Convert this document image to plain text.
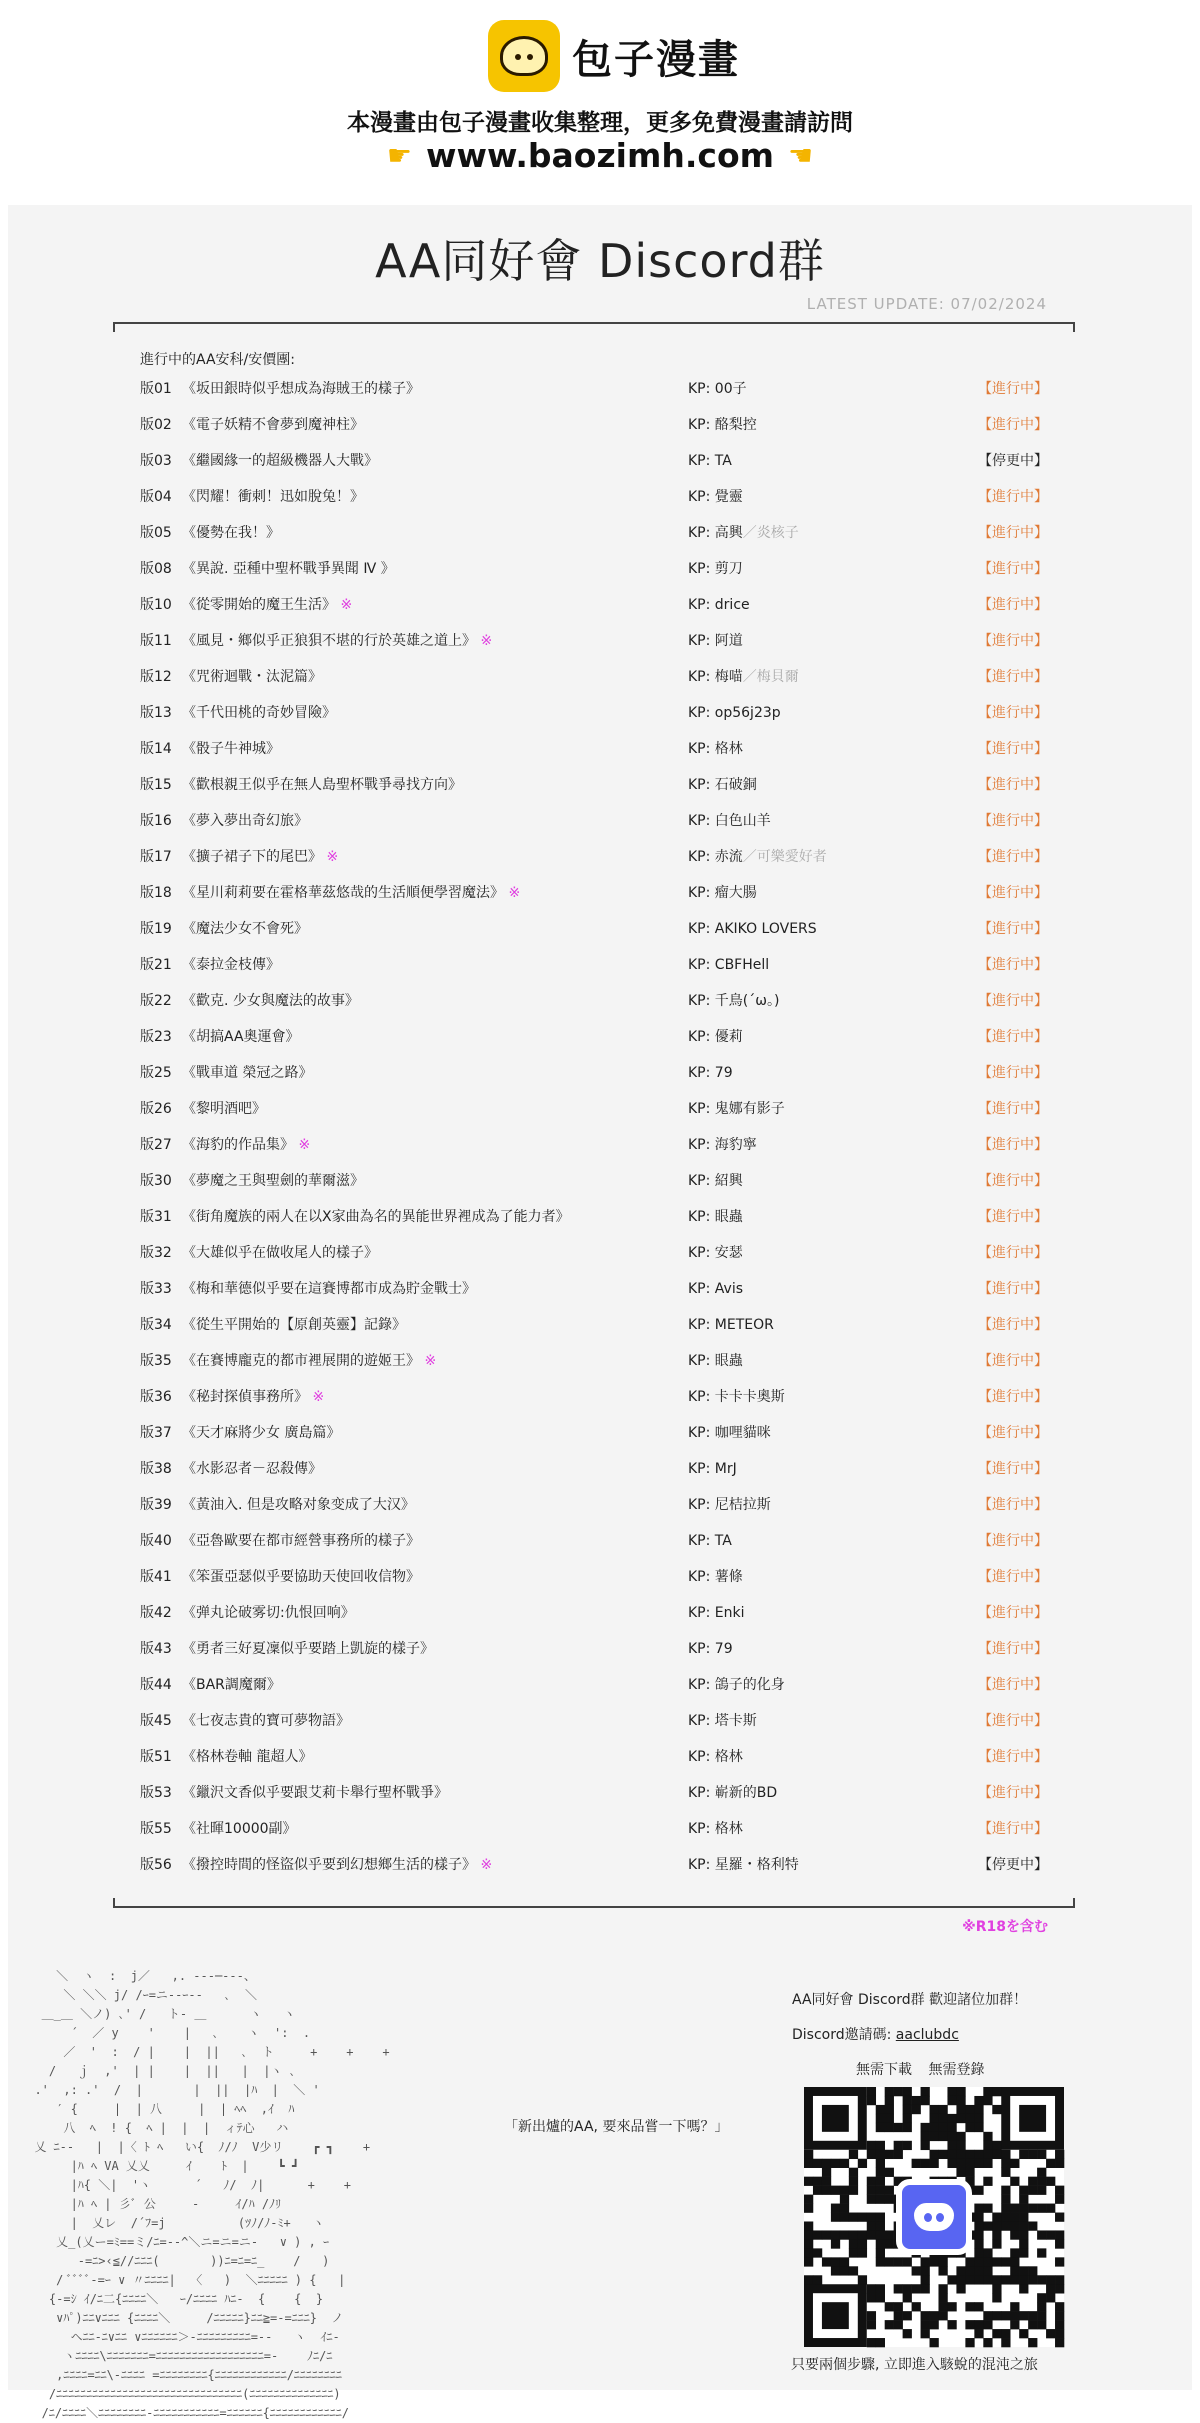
包子漫畫
本漫畫由包子漫畫收集整理，更多免費漫畫請訪問
☛ www.baozimh.com ☛
AA同好會 Discord群
LATEST UPDATE: 07/02/2024
進行中的AA安科/安價團:
版01 《坂田銀時似乎想成為海賊王的樣子》	KP: 00子	【進行中】
版02 《電子妖精不會夢到魔神柱》	KP: 酪梨控	【進行中】
版03 《繼國緣一的超級機器人大戰》	KP: TA	【停更中】
版04 《閃耀！衝刺！迅如脫兔！》	KP: 覺靈	【進行中】
版05 《優勢在我！》	KP: 高興／炎核子	【進行中】
版08 《異說. 亞種中聖杯戰爭異聞 Ⅳ 》	KP: 剪刀	【進行中】
版10 《從零開始的魔王生活》 ※	KP: drice	【進行中】
版11 《風見・鄉似乎正狼狽不堪的行於英雄之道上》 ※	KP: 阿道	【進行中】
版12 《咒術迴戰・汰泥篇》	KP: 梅喵／梅貝爾	【進行中】
版13 《千代田桃的奇妙冒險》	KP: op56j23p	【進行中】
版14 《骰子牛神城》	KP: 格林	【進行中】
版15 《歡根親王似乎在無人島聖杯戰爭尋找方向》	KP: 石破銅	【進行中】
版16 《夢入夢出奇幻旅》	KP: 白色山羊	【進行中】
版17 《擴子裙子下的尾巴》 ※	KP: 赤流／可樂愛好者	【進行中】
版18 《星川莉莉要在霍格華茲悠哉的生活順便學習魔法》 ※	KP: 瘤大腸	【進行中】
版19 《魔法少女不會死》	KP: AKIKO LOVERS	【進行中】
版21 《泰拉金枝傳》	KP: CBFHell	【進行中】
版22 《歡克. 少女與魔法的故事》	KP: 千鳥(´ω。)	【進行中】
版23 《胡搞AA奧運會》	KP: 優莉	【進行中】
版25 《戰車道 榮冠之路》	KP: 79	【進行中】
版26 《黎明酒吧》	KP: 鬼娜有影子	【進行中】
版27 《海豹的作品集》 ※	KP: 海豹寧	【進行中】
版30 《夢魔之王與聖劍的華爾滋》	KP: 紹興	【進行中】
版31 《街角魔族的兩人在以X家曲為名的異能世界裡成為了能力者》	KP: 眼蟲	【進行中】
版32 《大雄似乎在做收尾人的樣子》	KP: 安瑟	【進行中】
版33 《梅和華德似乎要在這賽博都市成為貯金戰士》	KP: Avis	【進行中】
版34 《從生平開始的【原創英靈】記錄》	KP: METEOR	【進行中】
版35 《在賽博龐克的都市裡展開的遊姬王》 ※	KP: 眼蟲	【進行中】
版36 《秘封探偵事務所》 ※	KP: 卡卡卡奧斯	【進行中】
版37 《天才麻將少女 廣島篇》	KP: 咖哩貓咪	【進行中】
版38 《水影忍者－忍殺傳》	KP: MrJ	【進行中】
版39 《黃油入. 但是攻略对象变成了大汉》	KP: 尼桔拉斯	【進行中】
版40 《亞魯歐要在都市經營事務所的樣子》	KP: TA	【進行中】
版41 《笨蛋亞瑟似乎要協助天使回收信物》	KP: 薯條	【進行中】
版42 《弹丸论破雾切:仇恨回响》	KP: Enki	【進行中】
版43 《勇者三好夏凜似乎要踏上凱旋的樣子》	KP: 79	【進行中】
版44 《BAR調魔爾》	KP: 鴿子的化身	【進行中】
版45 《七夜志貴的寶可夢物語》	KP: 塔卡斯	【進行中】
版51 《格林卷軸 龍超人》	KP: 格林	【進行中】
版53 《鑞沢文香似乎要跟艾莉卡舉行聖杯戰爭》	KP: 嶄新的BD	【進行中】
版55 《社暉10000副》	KP: 格林	【進行中】
版56 《撥控時間的怪盜似乎要到幻想鄉生活的樣子》 ※	KP: 星羅・格利特	【停更中】
※R18を含む
＼  ヽ  :  j／   ,. ---─---、
＼ ＼＼ j/ /ｰ=ニ--ｰ‐‐   ､  ＼
＿_＿ ＼ノ) ､' /   ト- ＿      ヽ   ヽ
´  ／ y    '    |   ､    ヽ  ':  .
／  '  :  / |    |  ||   ､  ト     +    +    +
/   ｊ  ,'  | |    |  ||   |  |ヽ ､
.'  ,: .'  /  |       |  ||  |ﾊ  |  ＼ '
′ {     |  | 八     |  | ﾍﾍ  ,ｲ  ﾊ
八  ﾍ  ! {  ﾍ |  |  |  ィﾃ心   ハ
乂 ﾆ-‐   |  |〈 ﾄ ﾍ   い{  ﾉ/ﾉ  V少リ    ┏ ┓    +
|ﾊ ﾍ VA 乂乂     ｲ    ﾄ  |    ┗ ┛
|ﾊ{ ＼|  'ヽ      ´   ﾉ/  ﾉ|      +    +
|ﾊ ﾍ | 彡ﾞ 公     -     ｲ/ﾊ /ﾉﾘ
|  乂レ  /´ﾌ=j          (ﾂﾉ/ﾉ-ﾐ+   ヽ
乂_(乂ー=ﾐ==ミ/ﾆ=-‐^＼ニ=ニ=ニ‐   ∨ ) , ｰ
‐=ﾆ>‹≦//ﾆﾆﾆ(       ))ﾆ=ﾆ=ﾆ_    /   )
/ ﾞﾞﾞﾞ-=ｰ ∨ 〃ﾆﾆﾆﾆ|  〈   )  ＼ﾆﾆﾆﾆﾆ ) {   |
{-=ｼ ｲ/ﾆ二{ﾆﾆﾆﾆ＼   ｰ/ﾆﾆﾆﾆ ﾊﾆ-  {    {  }
∨ﾊﾟ)ﾆﾆ∨ﾆﾆﾆ {ﾆﾆﾆﾆ＼     /ﾆﾆﾆﾆﾆ}ﾆﾆ≧=-=ﾆﾆﾆ}  ノ
ヘﾆﾆ-ﾆ∨ﾆﾆ ∨ﾆﾆﾆﾆﾆﾆ＞‐ﾆﾆﾆﾆﾆﾆﾆﾆﾆ=-‐   ヽ  ｲﾆ-
ヽﾆﾆﾆﾆ\ﾆﾆﾆﾆﾆﾆﾆ=ﾆﾆﾆﾆﾆﾆﾆﾆﾆﾆﾆﾆﾆﾆﾆﾆﾆﾆ=-    ﾉﾆ/ﾆ
,ﾆﾆﾆﾆ=ﾆﾆ\-ﾆﾆﾆﾆ =ﾆﾆﾆﾆﾆﾆﾆﾆ{ﾆﾆﾆﾆﾆﾆﾆﾆﾆﾆﾆﾆ/ﾆﾆﾆﾆﾆﾆﾆﾆ
/ﾆﾆﾆﾆﾆﾆﾆﾆﾆﾆﾆﾆﾆﾆﾆﾆﾆﾆﾆﾆﾆﾆﾆﾆﾆﾆﾆﾆﾆﾆﾆ(ﾆﾆﾆﾆﾆﾆﾆﾆﾆﾆﾆﾆﾆﾆ)
/ﾆ/ﾆﾆﾆﾆ＼ﾆﾆﾆﾆﾆﾆﾆﾆ‐ﾆﾆﾆﾆﾆﾆﾆﾆﾆﾆﾆ=ﾆﾆﾆﾆﾆﾆ{ﾆﾆﾆﾆﾆﾆﾆﾆﾆﾆﾆﾆ/
「新出爐的AA, 要來品嘗一下嗎？」
AA同好會 Discord群 歡迎諸位加群！
Discord邀請碼: aaclubdc
無需下載 無需登錄
只要兩個步驟, 立即進入駭蛻的混沌之旅
